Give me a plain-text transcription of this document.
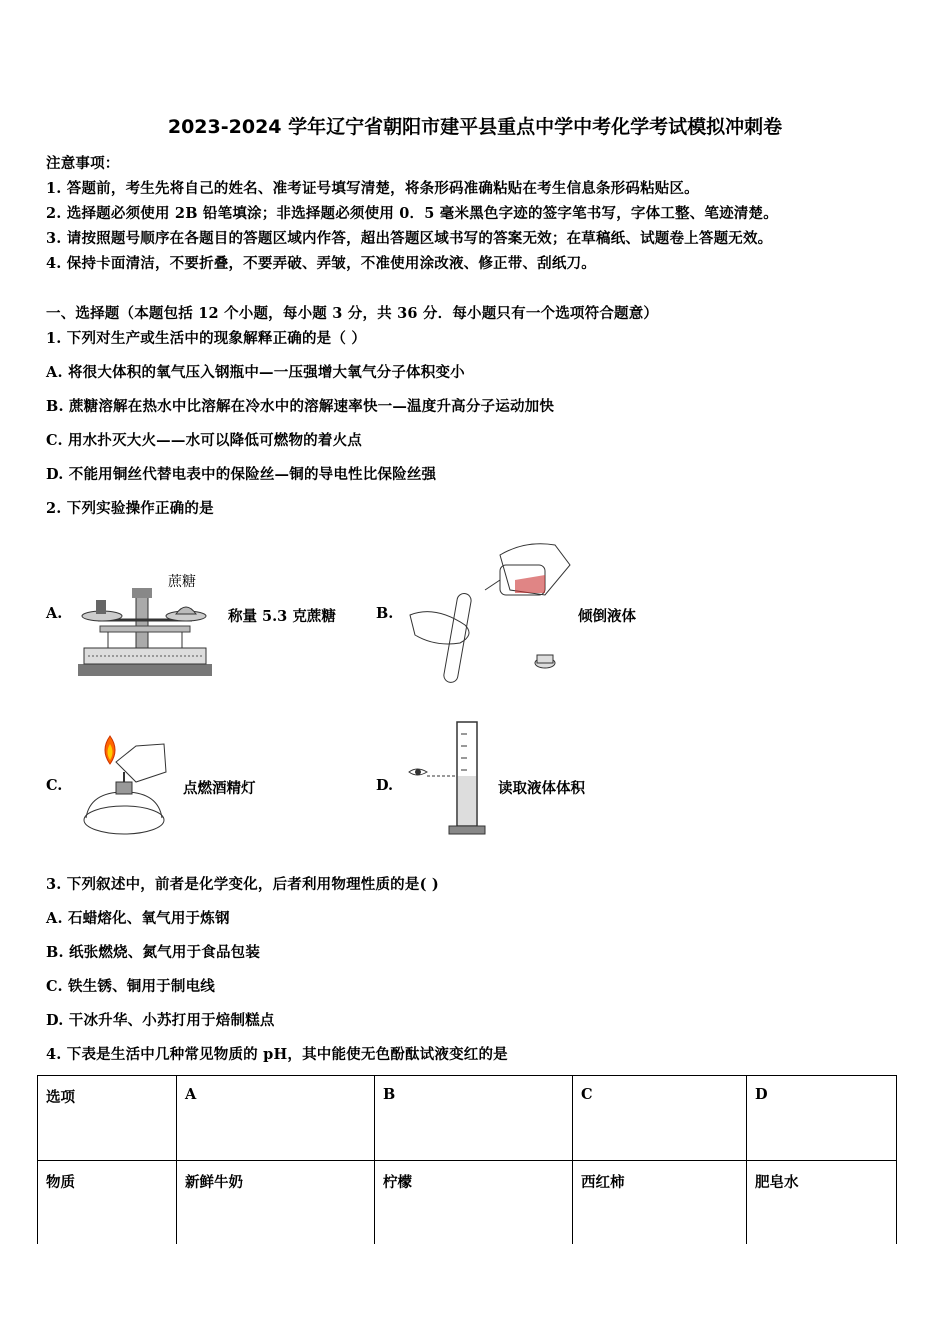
2023-2024 学年辽宁省朝阳市建平县重点中学中考化学考试模拟冲刺卷
注意事项：
1. 答题前，考生先将自己的姓名、准考证号填写清楚，将条形码准确粘贴在考生信息条形码粘贴区。
2. 选择题必须使用 2B 铅笔填涂；非选择题必须使用 0．5 毫米黑色字迹的签字笔书写，字体工整、笔迹清楚。
3. 请按照题号顺序在各题目的答题区域内作答，超出答题区域书写的答案无效；在草稿纸、试题卷上答题无效。
4. 保持卡面清洁，不要折叠，不要弄破、弄皱，不准使用涂改液、修正带、刮纸刀。
一、选择题（本题包括 12 个小题，每小题 3 分，共 36 分．每小题只有一个选项符合题意）
1. 下列对生产或生活中的现象解释正确的是（ ）
A. 将很大体积的氧气压入钢瓶中—一压强增大氧气分子体积变小
B. 蔗糖溶解在热水中比溶解在冷水中的溶解速率快一—温度升高分子运动加快
C. 用水扑灭大火——水可以降低可燃物的着火点
D. 不能用铜丝代替电表中的保险丝—铜的导电性比保险丝强
2. 下列实验操作正确的是
A.
蔗糖
称量 5.3 克蔗糖	B.	倾倒液体
C.	点燃酒精灯	D.	读取液体体积
3. 下列叙述中，前者是化学变化，后者利用物理性质的是( )
A. 石蜡熔化、氧气用于炼钢
B. 纸张燃烧、氮气用于食品包装
C. 铁生锈、铜用于制电线
D. 干冰升华、小苏打用于焙制糕点
4. 下表是生活中几种常见物质的 pH，其中能使无色酚酞试液变红的是
选项	A	B	C	D
物质	新鲜牛奶	柠檬	西红柿	肥皂水
